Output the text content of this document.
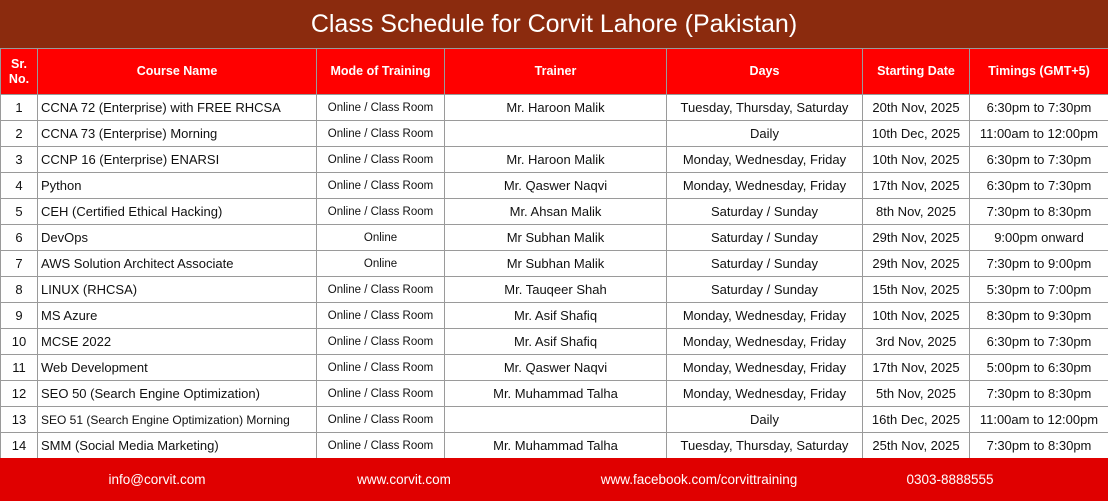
Class Schedule for Corvit Lahore (Pakistan)
Sr.
No.	Course Name	Mode of Training	Trainer	Days	Starting Date	Timings (GMT+5)
1	CCNA 72 (Enterprise) with FREE RHCSA	Online / Class Room	Mr. Haroon Malik	Tuesday, Thursday, Saturday	20th Nov, 2025	6:30pm to 7:30pm
2	CCNA 73 (Enterprise) Morning	Online / Class Room		Daily	10th Dec, 2025	11:00am to 12:00pm
3	CCNP 16 (Enterprise) ENARSI	Online / Class Room	Mr. Haroon Malik	Monday, Wednesday, Friday	10th Nov, 2025	6:30pm to 7:30pm
4	Python	Online / Class Room	Mr. Qaswer Naqvi	Monday, Wednesday, Friday	17th Nov, 2025	6:30pm to 7:30pm
5	CEH (Certified Ethical Hacking)	Online / Class Room	Mr. Ahsan Malik	Saturday / Sunday	8th Nov, 2025	7:30pm to 8:30pm
6	DevOps	Online	Mr Subhan Malik	Saturday / Sunday	29th Nov, 2025	9:00pm onward
7	AWS Solution Architect Associate	Online	Mr Subhan Malik	Saturday / Sunday	29th Nov, 2025	7:30pm to 9:00pm
8	LINUX (RHCSA)	Online / Class Room	Mr. Tauqeer Shah	Saturday / Sunday	15th Nov, 2025	5:30pm to 7:00pm
9	MS Azure	Online / Class Room	Mr. Asif Shafiq	Monday, Wednesday, Friday	10th Nov, 2025	8:30pm to 9:30pm
10	MCSE 2022	Online / Class Room	Mr. Asif Shafiq	Monday, Wednesday, Friday	3rd Nov, 2025	6:30pm to 7:30pm
11	Web Development	Online / Class Room	Mr. Qaswer Naqvi	Monday, Wednesday, Friday	17th Nov, 2025	5:00pm to 6:30pm
12	SEO 50 (Search Engine Optimization)	Online / Class Room	Mr. Muhammad Talha	Monday, Wednesday, Friday	5th Nov, 2025	7:30pm to 8:30pm
13	SEO 51 (Search Engine Optimization) Morning	Online / Class Room		Daily	16th Dec, 2025	11:00am to 12:00pm
14	SMM (Social Media Marketing)	Online / Class Room	Mr. Muhammad Talha	Tuesday, Thursday, Saturday	25th Nov, 2025	7:30pm to 8:30pm
info@corvit.com	www.corvit.com	www.facebook.com/corvittraining	0303-8888555
